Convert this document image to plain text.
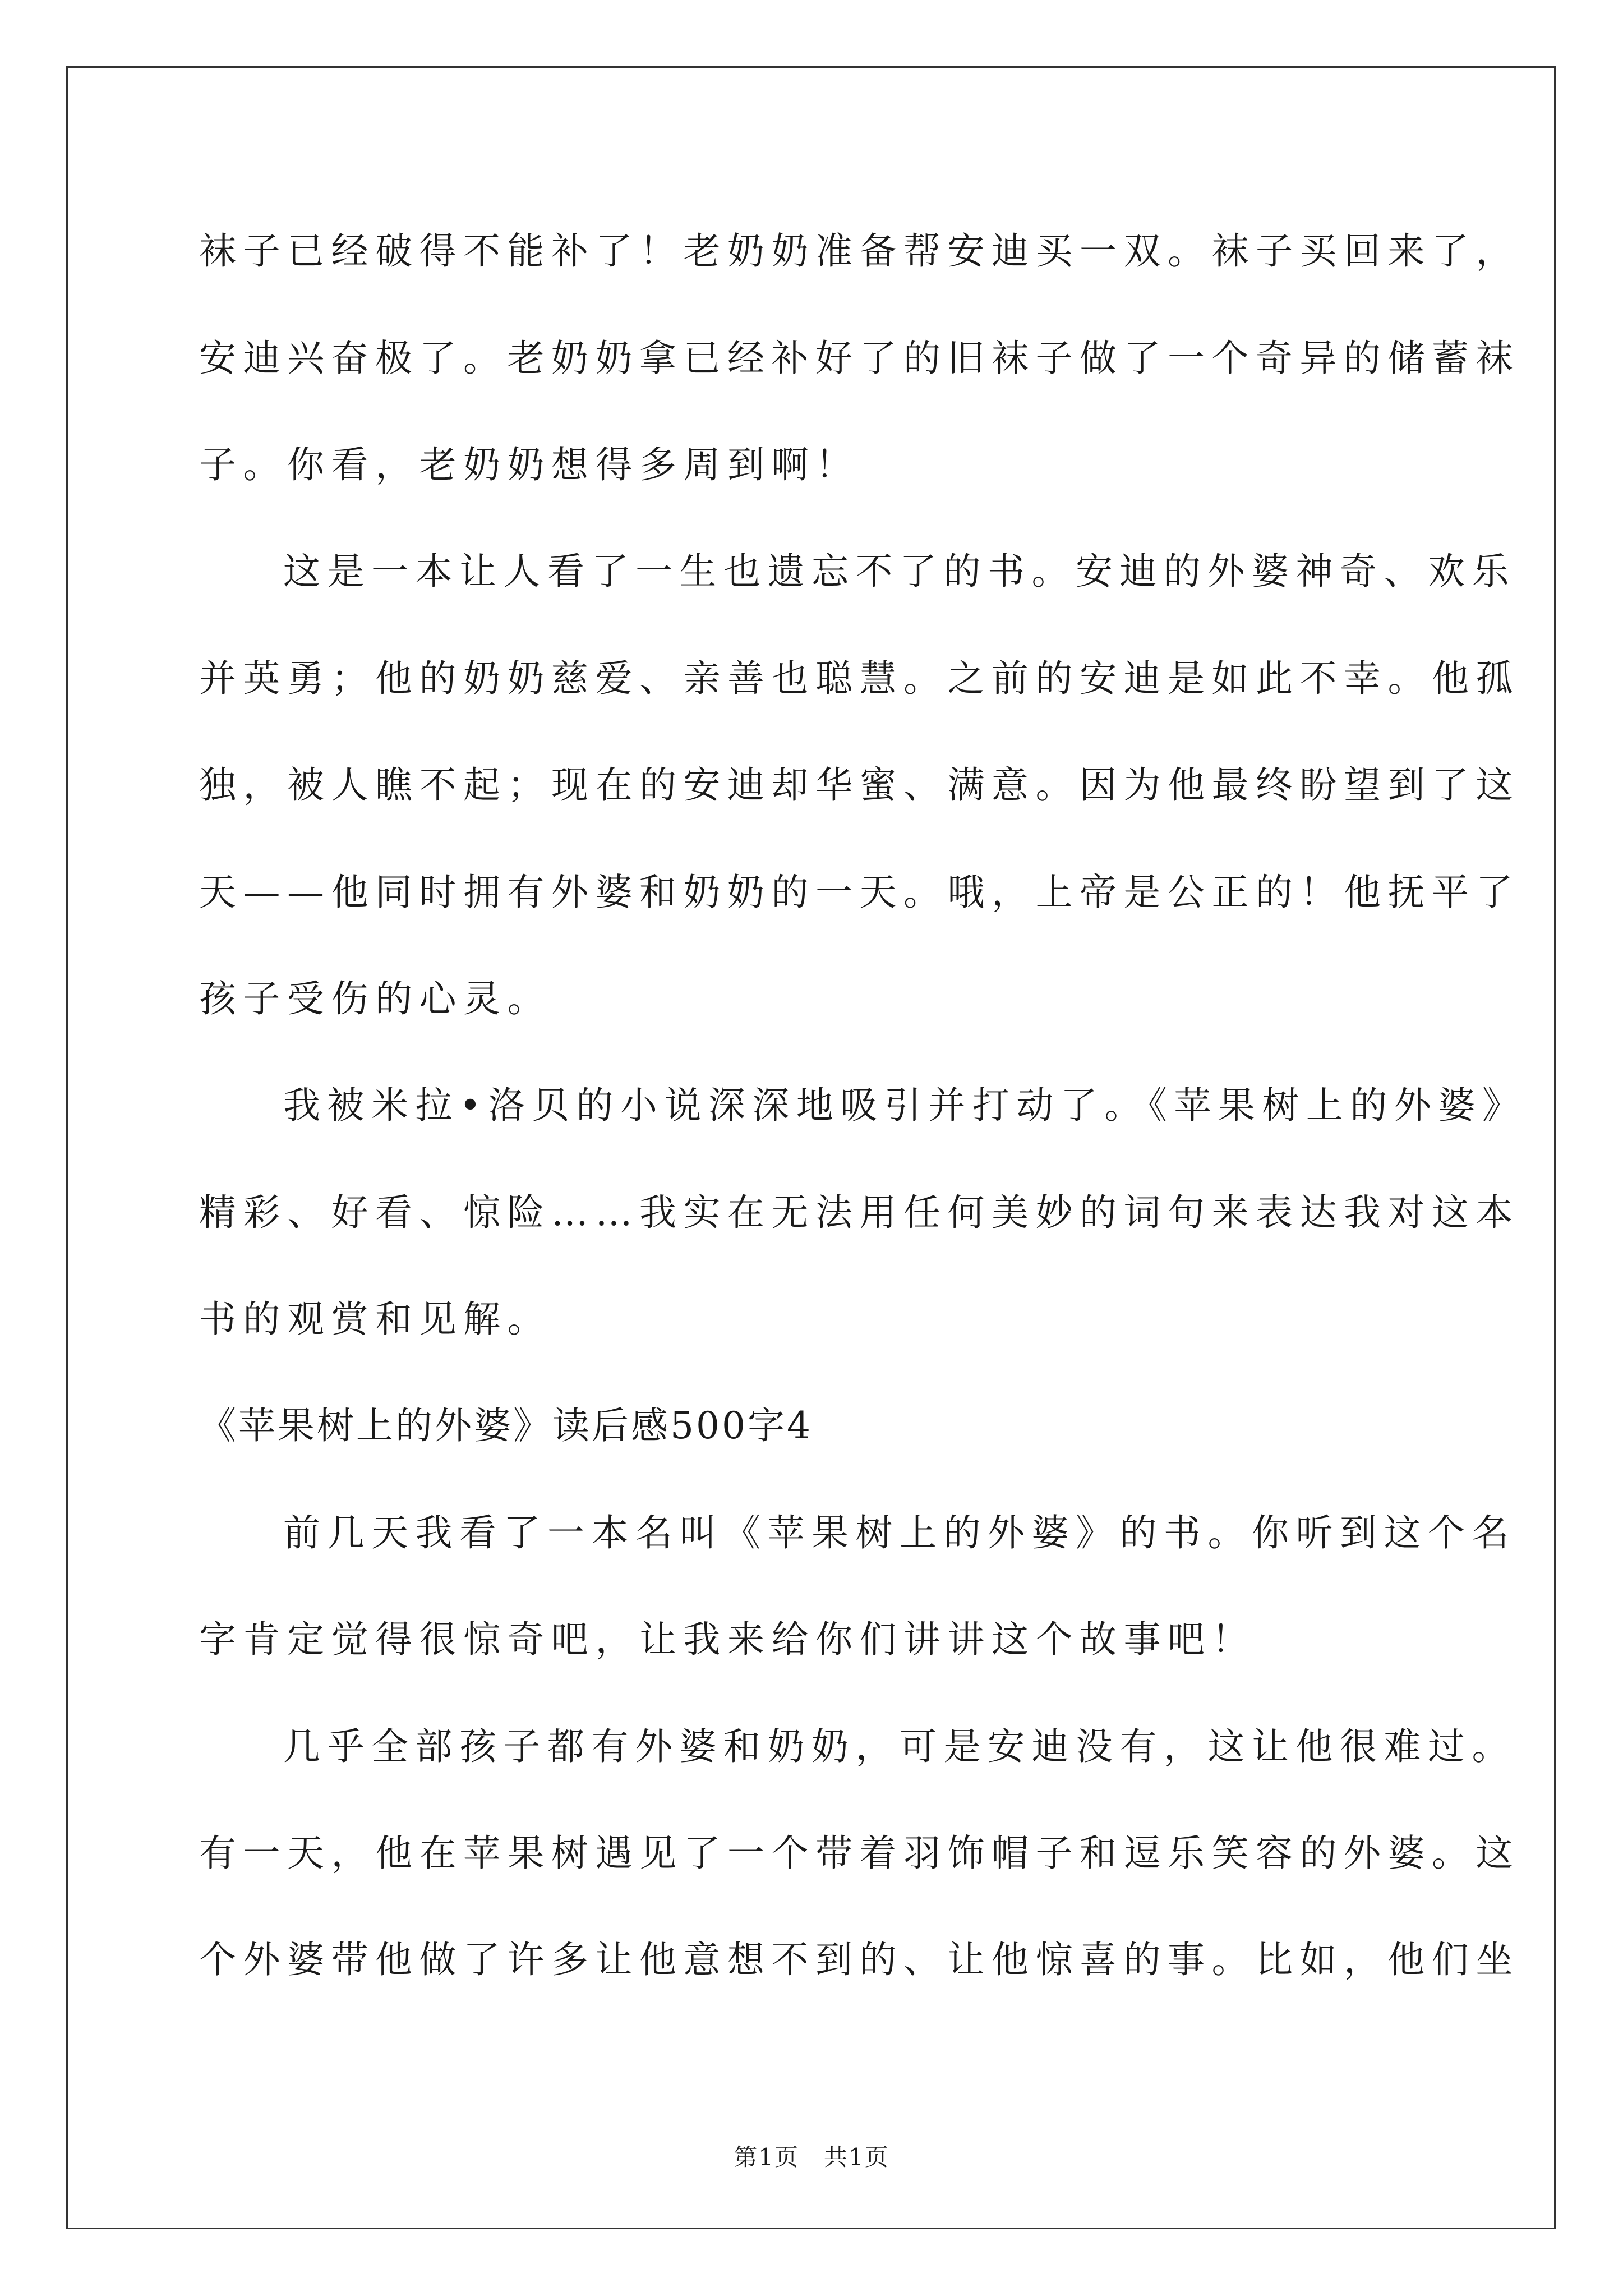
袜子已经破得不能补了！老奶奶准备帮安迪买一双。袜子买回来了，
安迪兴奋极了。老奶奶拿已经补好了的旧袜子做了一个奇异的储蓄袜
子。你看，老奶奶想得多周到啊！
这是一本让人看了一生也遗忘不了的书。安迪的外婆神奇、欢乐
并英勇；他的奶奶慈爱、亲善也聪慧。之前的安迪是如此不幸。他孤
独，被人瞧不起；现在的安迪却华蜜、满意。因为他最终盼望到了这
天——他同时拥有外婆和奶奶的一天。哦，上帝是公正的！他抚平了
孩子受伤的心灵。
我被米拉•洛贝的小说深深地吸引并打动了。《苹果树上的外婆》
精彩、好看、惊险……我实在无法用任何美妙的词句来表达我对这本
书的观赏和见解。
《苹果树上的外婆》读后感500字4
前几天我看了一本名叫《苹果树上的外婆》的书。你听到这个名
字肯定觉得很惊奇吧，让我来给你们讲讲这个故事吧！
几乎全部孩子都有外婆和奶奶，可是安迪没有，这让他很难过。
有一天，他在苹果树遇见了一个带着羽饰帽子和逗乐笑容的外婆。这
个外婆带他做了许多让他意想不到的、让他惊喜的事。比如，他们坐
第1页　共1页
